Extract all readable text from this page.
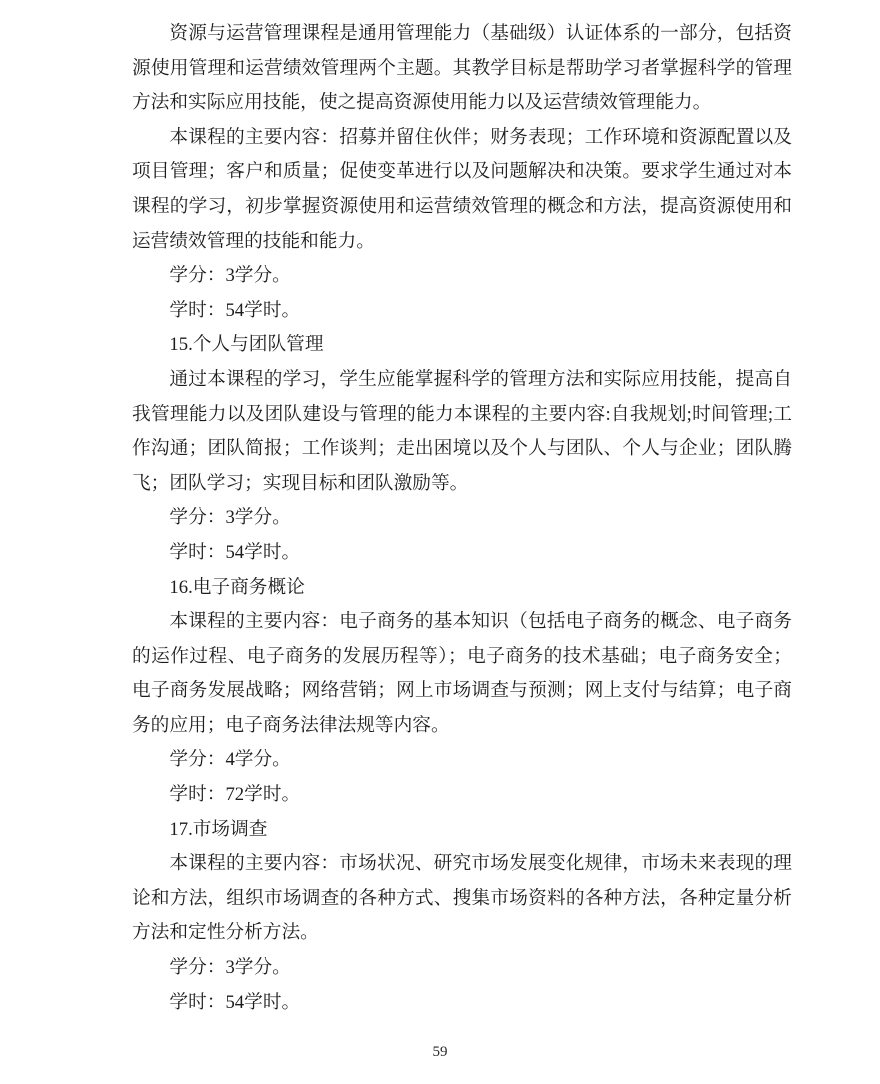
资源与运营管理课程是通用管理能力（基础级）认证体系的一部分，包括资源使用管理和运营绩效管理两个主题。其教学目标是帮助学习者掌握科学的管理方法和实际应用技能，使之提高资源使用能力以及运营绩效管理能力。

本课程的主要内容：招募并留住伙伴；财务表现；工作环境和资源配置以及项目管理；客户和质量；促使变革进行以及问题解决和决策。要求学生通过对本课程的学习，初步掌握资源使用和运营绩效管理的概念和方法，提高资源使用和运营绩效管理的技能和能力。

学分：3学分。

学时：54学时。

15.个人与团队管理

通过本课程的学习，学生应能掌握科学的管理方法和实际应用技能，提高自我管理能力以及团队建设与管理的能力本课程的主要内容:自我规划;时间管理;工作沟通；团队简报；工作谈判；走出困境以及个人与团队、个人与企业；团队腾飞；团队学习；实现目标和团队激励等。

学分：3学分。

学时：54学时。

16.电子商务概论

本课程的主要内容：电子商务的基本知识（包括电子商务的概念、电子商务的运作过程、电子商务的发展历程等）；电子商务的技术基础；电子商务安全；电子商务发展战略；网络营销；网上市场调查与预测；网上支付与结算；电子商务的应用；电子商务法律法规等内容。

学分：4学分。

学时：72学时。

17.市场调查

本课程的主要内容：市场状况、研究市场发展变化规律，市场未来表现的理论和方法，组织市场调查的各种方式、搜集市场资料的各种方法，各种定量分析方法和定性分析方法。

学分：3学分。

学时：54学时。

59
